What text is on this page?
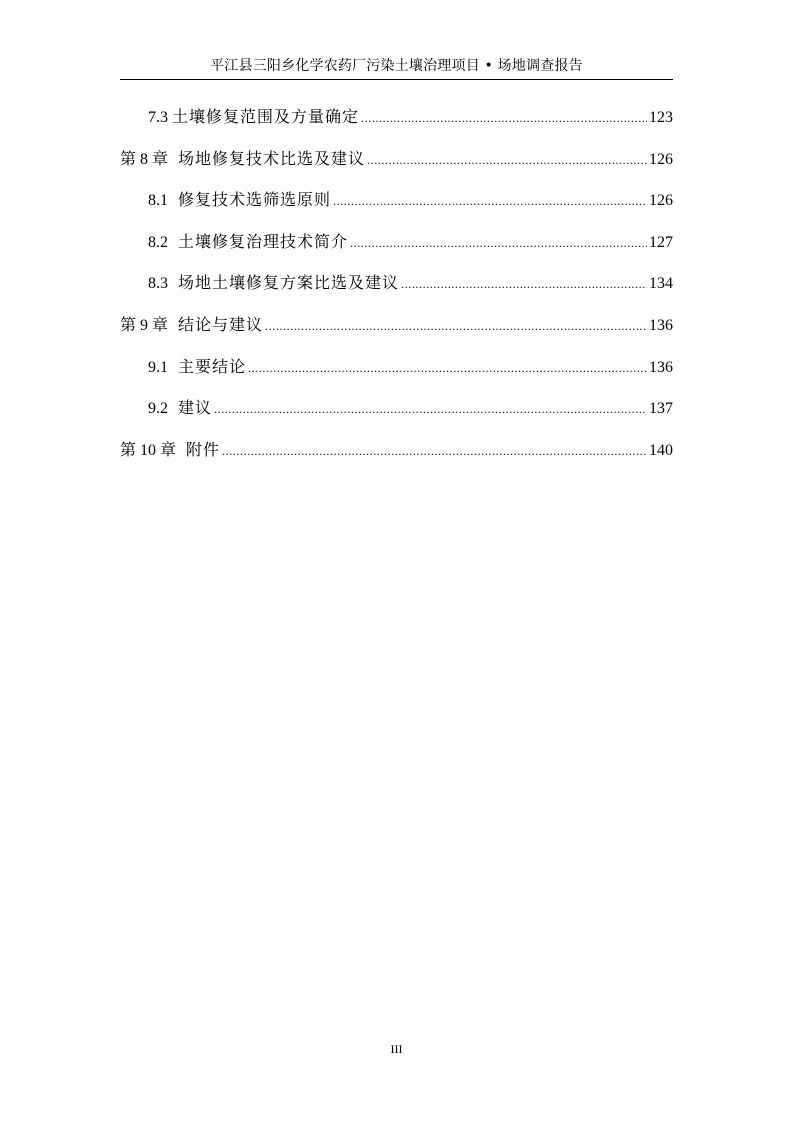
平江县三阳乡化学农药厂污染土壤治理项目 • 场地调查报告
7.3 土壤修复范围及方量确定 .....	123
第 8 章 场地修复技术比选及建议 .....	126
8.1 修复技术选筛选原则 .....	126
8.2 土壤修复治理技术简介 .....	127
8.3 场地土壤修复方案比选及建议 .....	134
第 9 章 结论与建议 .....	136
9.1 主要结论 .....	136
9.2 建议 .....	137
第 10 章 附件 .....	140
III
